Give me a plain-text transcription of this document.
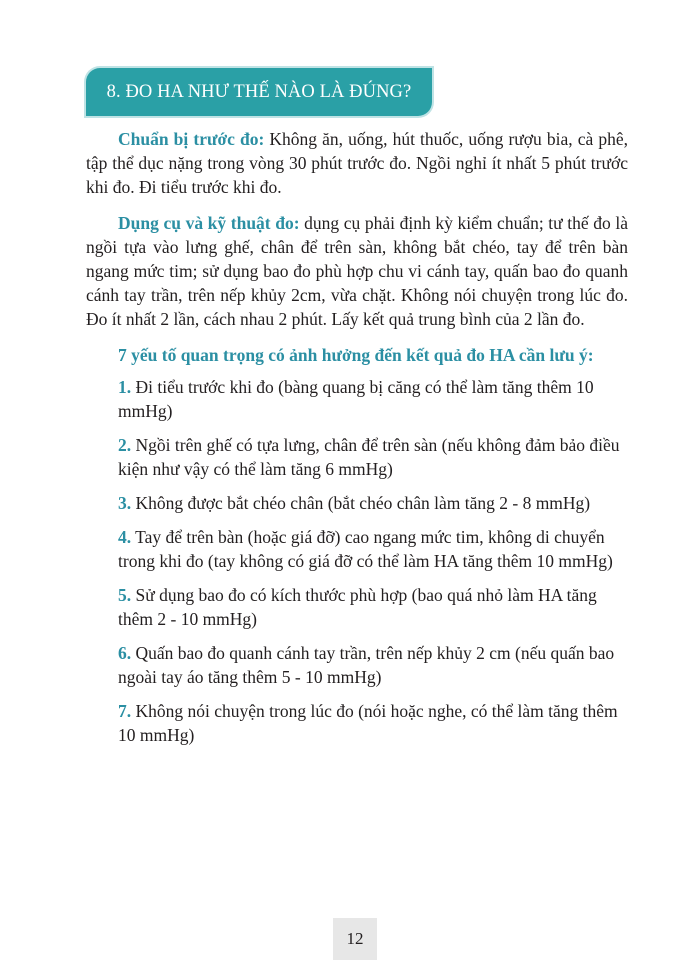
8. ĐO HA NHƯ THẾ NÀO LÀ ĐÚNG?

Chuẩn bị trước đo: Không ăn, uống, hút thuốc, uống rượu bia, cà phê, tập thể dục nặng trong vòng 30 phút trước đo. Ngồi nghỉ ít nhất 5 phút trước khi đo. Đi tiểu trước khi đo.

Dụng cụ và kỹ thuật đo: dụng cụ phải định kỳ kiểm chuẩn; tư thế đo là ngồi tựa vào lưng ghế, chân để trên sàn, không bắt chéo, tay để trên bàn ngang mức tim; sử dụng bao đo phù hợp chu vi cánh tay, quấn bao đo quanh cánh tay trần, trên nếp khủy 2cm, vừa chặt. Không nói chuyện trong lúc đo. Đo ít nhất 2 lần, cách nhau 2 phút. Lấy kết quả trung bình của 2 lần đo.

7 yếu tố quan trọng có ảnh hưởng đến kết quả đo HA cần lưu ý:
1. Đi tiểu trước khi đo (bàng quang bị căng có thể làm tăng thêm 10 mmHg)
2. Ngồi trên ghế có tựa lưng, chân để trên sàn (nếu không đảm bảo điều kiện như vậy có thể làm tăng 6 mmHg)
3. Không được bắt chéo chân (bắt chéo chân làm tăng 2 - 8 mmHg)
4. Tay để trên bàn (hoặc giá đỡ) cao ngang mức tim, không di chuyển trong khi đo (tay không có giá đỡ có thể làm HA tăng thêm 10 mmHg)
5. Sử dụng bao đo có kích thước phù hợp (bao quá nhỏ làm HA tăng thêm 2 - 10 mmHg)
6. Quấn bao đo quanh cánh tay trần, trên nếp khủy 2 cm (nếu quấn bao ngoài tay áo tăng thêm 5 - 10 mmHg)
7. Không nói chuyện trong lúc đo (nói hoặc nghe, có thể làm tăng thêm 10 mmHg)
12
